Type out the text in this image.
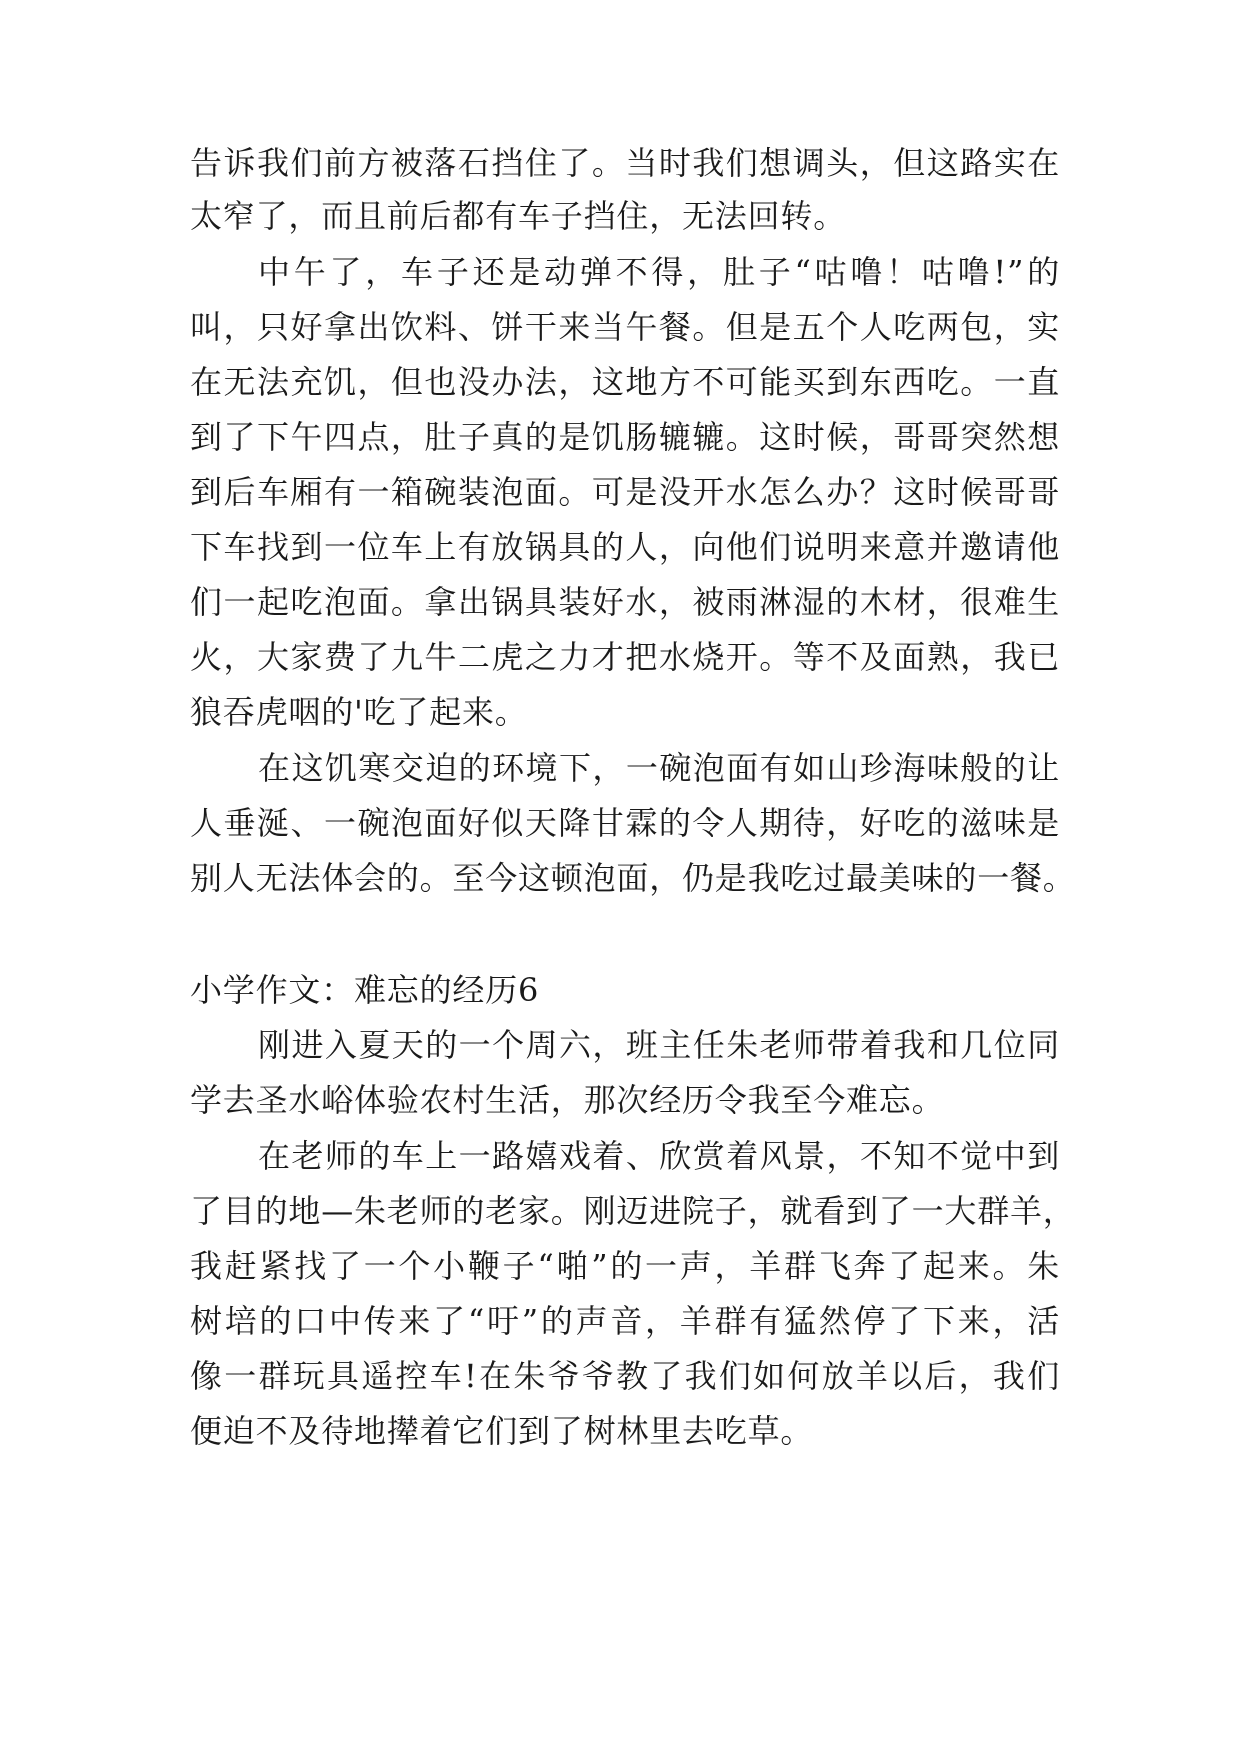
告诉我们前方被落石挡住了。当时我们想调头，但这路实在
太窄了，而且前后都有车子挡住，无法回转。
中午了，车子还是动弹不得，肚子“咕噜！咕噜!”的
叫，只好拿出饮料、饼干来当午餐。但是五个人吃两包，实
在无法充饥，但也没办法，这地方不可能买到东西吃。一直
到了下午四点，肚子真的是饥肠辘辘。这时候，哥哥突然想
到后车厢有一箱碗装泡面。可是没开水怎么办？这时候哥哥
下车找到一位车上有放锅具的人，向他们说明来意并邀请他
们一起吃泡面。拿出锅具装好水，被雨淋湿的木材，很难生
火，大家费了九牛二虎之力才把水烧开。等不及面熟，我已
狼吞虎咽的'吃了起来。
在这饥寒交迫的环境下，一碗泡面有如山珍海味般的让
人垂涎、一碗泡面好似天降甘霖的令人期待，好吃的滋味是
别人无法体会的。至今这顿泡面，仍是我吃过最美味的一餐。
小学作文：难忘的经历6
刚进入夏天的一个周六，班主任朱老师带着我和几位同
学去圣水峪体验农村生活，那次经历令我至今难忘。
在老师的车上一路嬉戏着、欣赏着风景，不知不觉中到
了目的地—朱老师的老家。刚迈进院子，就看到了一大群羊，
我赶紧找了一个小鞭子“啪”的一声，羊群飞奔了起来。朱
树培的口中传来了“吁”的声音，羊群有猛然停了下来，活
像一群玩具遥控车!在朱爷爷教了我们如何放羊以后，我们
便迫不及待地撵着它们到了树林里去吃草。
